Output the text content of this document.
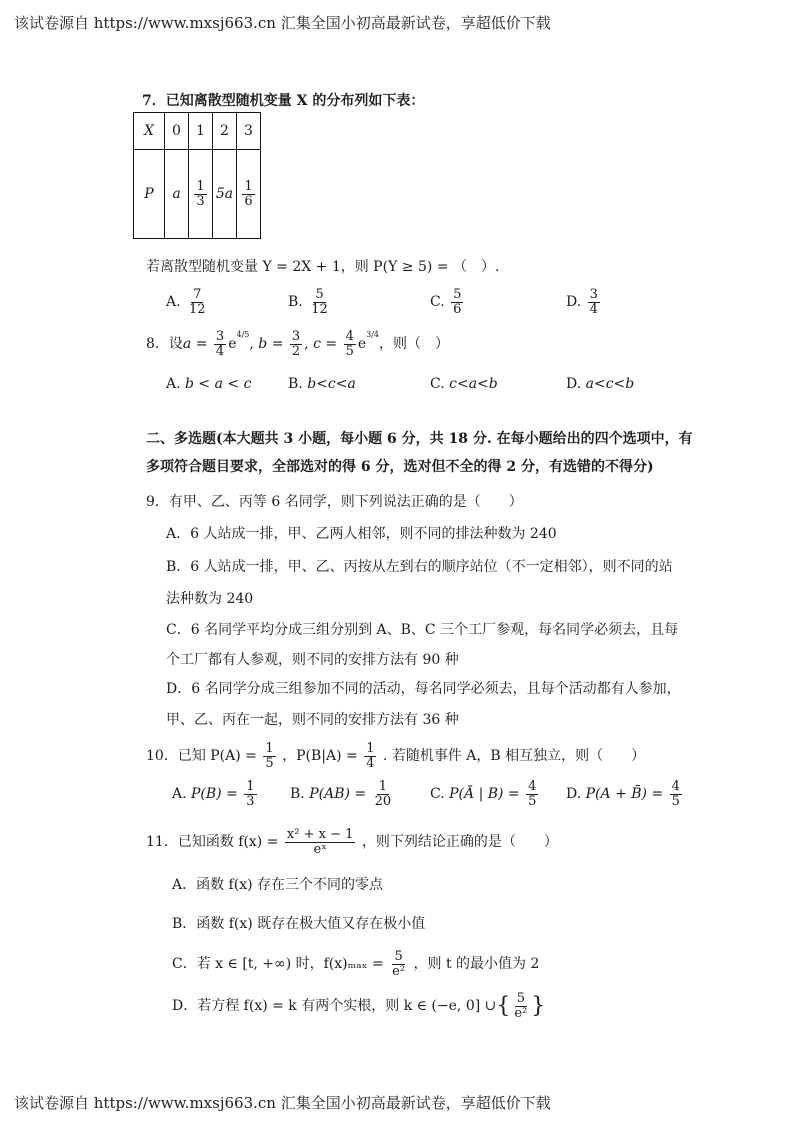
该试卷源自 https://www.mxsj663.cn 汇集全国小初高最新试卷，享超低价下载
7．已知离散型随机变量 X 的分布列如下表：
X	0	1	2	3
P	a	$\frac{1}{3}$	5a	$\frac{1}{6}$
若离散型随机变量 Y = 2X + 1，则 P(Y ≥ 5) = （　）.
A. $\frac{7}{12}$	B. $\frac{5}{12}$	C. $\frac{5}{6}$	D. $\frac{3}{4}$
8．设$a = \frac{3}{4} e^{4/5}$, $b = \frac{3}{2}$ , $c = \frac{4}{5} e^{3/4}$，则（　）
A. b < a < c	B. b<c<a	C. c<a<b	D. a<c<b
二、多选题(本大题共 3 小题，每小题 6 分，共 18 分. 在每小题给出的四个选项中，有
多项符合题目要求，全部选对的得 6 分，选对但不全的得 2 分，有选错的不得分)
9．有甲、乙、丙等 6 名同学，则下列说法正确的是（　　）
A．6 人站成一排，甲、乙两人相邻，则不同的排法种数为 240
B．6 人站成一排，甲、乙、丙按从左到右的顺序站位（不一定相邻），则不同的站
法种数为 240
C．6 名同学平均分成三组分别到 A、B、C 三个工厂参观，每名同学必须去，且每
个工厂都有人参观，则不同的安排方法有 90 种
D．6 名同学分成三组参加不同的活动，每名同学必须去，且每个活动都有人参加，
甲、乙、丙在一起，则不同的安排方法有 36 种
10．已知 $P(A) = \frac{1}{5}$ ，$P(B|A) = \frac{1}{4}$ . 若随机事件 A，B 相互独立，则（　　）
A. $P(B) = \frac{1}{3} B$. $P(AB) = \frac{1}{20}$	C. P(Ā | $B) = \frac{4}{5} D$. P(A + B̄) = $\frac{4}{5}$
11．已知函数 $f(x) = \frac{\text{x² + x − 1}}{\text{eˣ}}$ ，则下列结论正确的是（　　）
A．函数 f(x) 存在三个不同的零点
B．函数 f(x) 既存在极大值又存在极小值
C．若 x ∈ [t, +∞) 时，$f(x)_{max} = \frac{5}{\text{e²}}$ ，则 t 的最小值为 2
D．若方程 f(x) = k 有两个实根，则 k ∈ (−e, 0] ∪{ $\frac{5}{\text{e²}}$ }
该试卷源自 https://www.mxsj663.cn 汇集全国小初高最新试卷，享超低价下载
